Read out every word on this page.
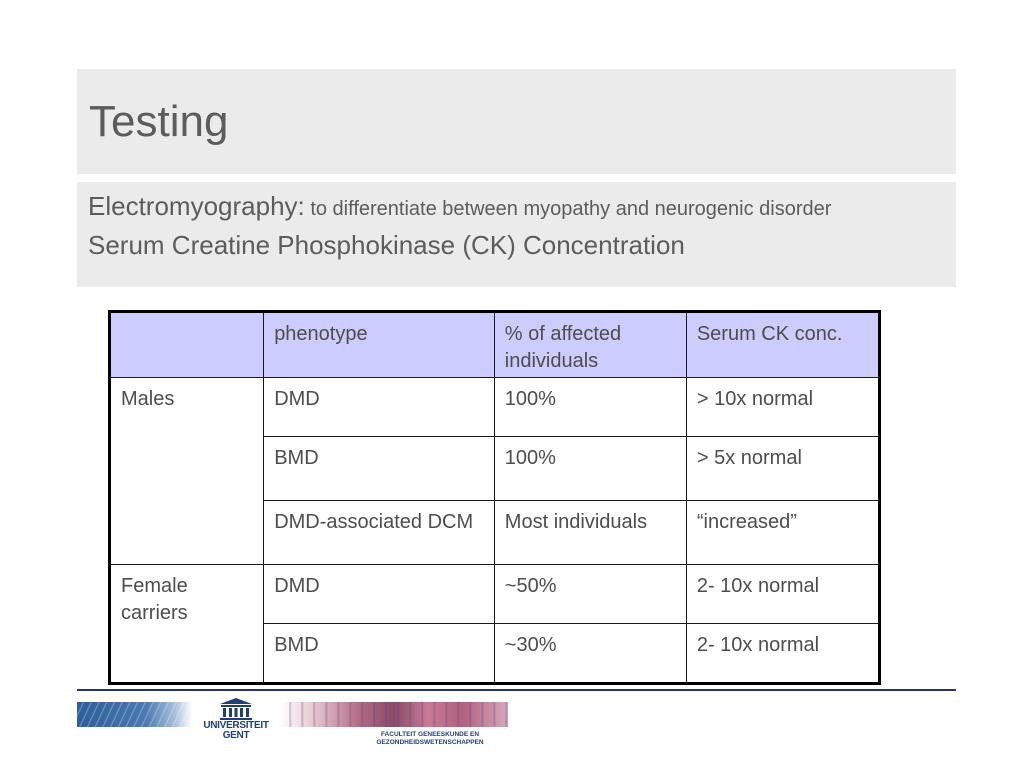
Testing
Electromyography: to differentiate between myopathy and neurogenic disorder
Serum Creatine Phosphokinase (CK) Concentration
	phenotype	% of affected individuals	Serum CK conc.
Males	DMD	100%	> 10x normal
	BMD	100%	> 5x normal
	DMD-associated DCM	Most individuals	“increased”
Female carriers	DMD	~50%	2- 10x normal
	BMD	~30%	2- 10x normal
UNIVERSITEIT
GENT	FACULTEIT GENEESKUNDE EN
GEZONDHEIDSWETENSCHAPPEN
